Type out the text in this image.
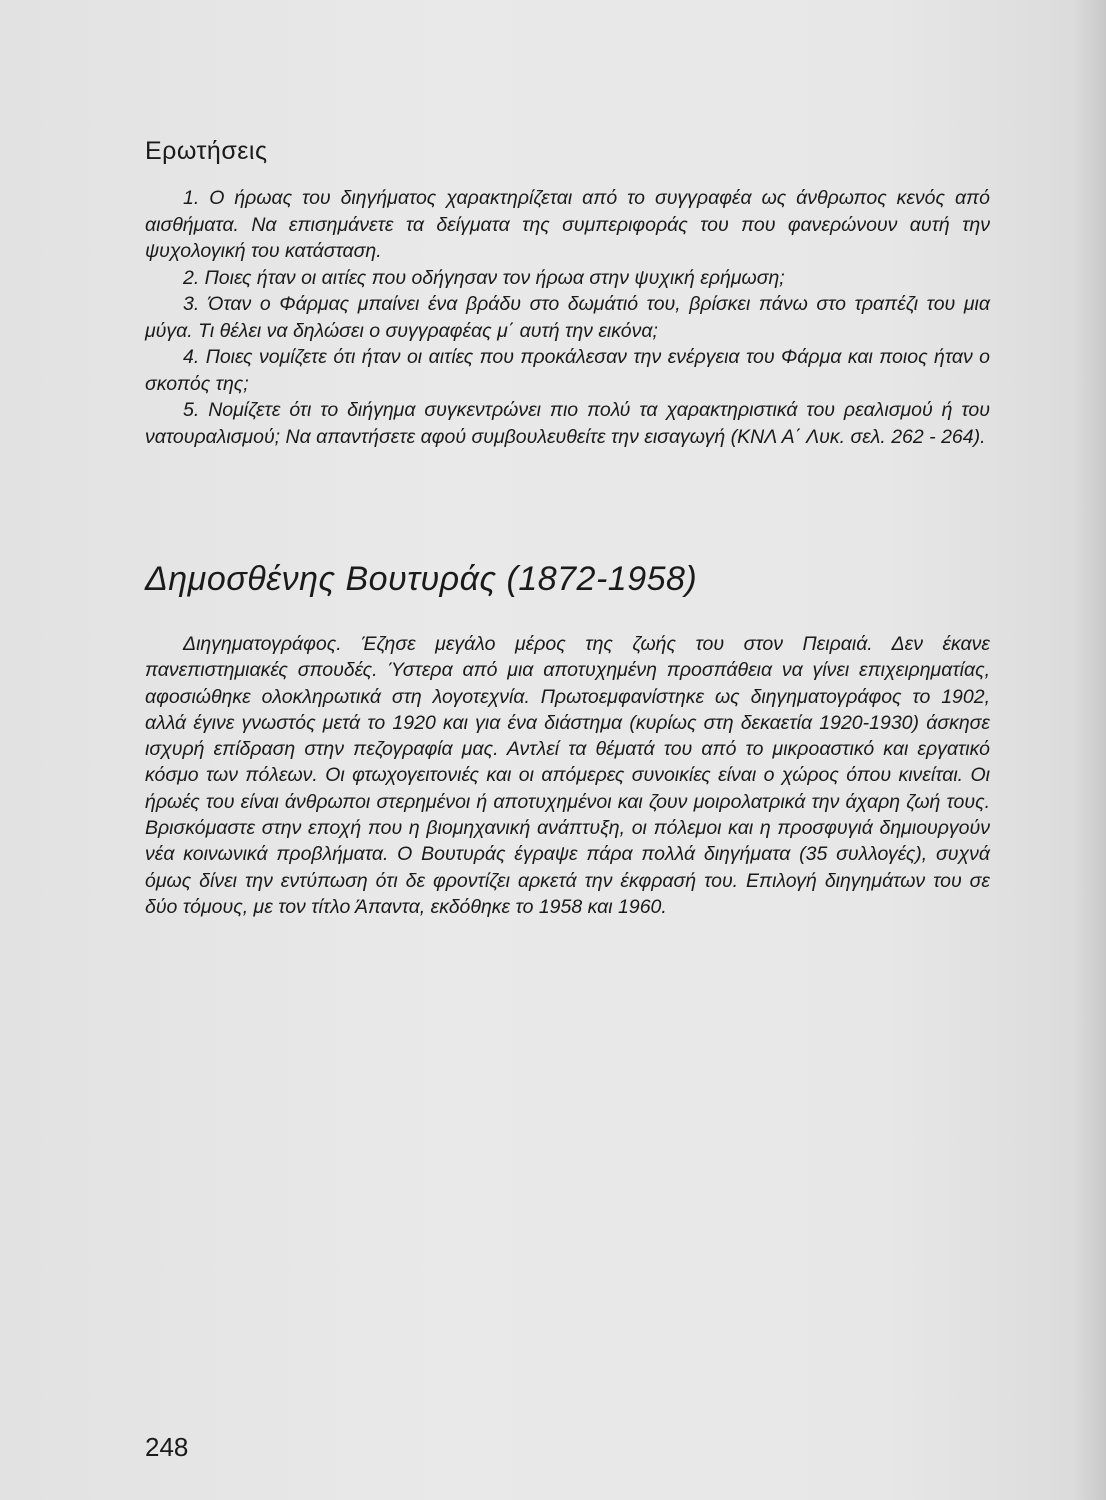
Ερωτήσεις

1. Ο ήρωας του διηγήματος χαρακτηρίζεται από το συγγραφέα ως άνθρωπος κενός από αισθήματα. Να επισημάνετε τα δείγματα της συμπεριφοράς του που φανερώνουν αυτή την ψυχολογική του κατάσταση.

2. Ποιες ήταν οι αιτίες που οδήγησαν τον ήρωα στην ψυχική ερήμωση;

3. Όταν ο Φάρμας μπαίνει ένα βράδυ στο δωμάτιό του, βρίσκει πάνω στο τραπέζι του μια μύγα. Τι θέλει να δηλώσει ο συγγραφέας μ΄ αυτή την εικόνα;

4. Ποιες νομίζετε ότι ήταν οι αιτίες που προκάλεσαν την ενέργεια του Φάρμα και ποιος ήταν ο σκοπός της;

5. Νομίζετε ότι το διήγημα συγκεντρώνει πιο πολύ τα χαρακτηριστικά του ρεαλισμού ή του νατουραλισμού; Να απαντήσετε αφού συμβουλευθείτε την εισαγωγή (ΚΝΛ Α΄ Λυκ. σελ. 262 - 264).

Δημοσθένης Βουτυράς (1872-1958)

Διηγηματογράφος. Έζησε μεγάλο μέρος της ζωής του στον Πειραιά. Δεν έκανε πανεπιστημιακές σπουδές. Ύστερα από μια αποτυχημένη προσπάθεια να γίνει επιχειρηματίας, αφοσιώθηκε ολοκληρωτικά στη λογοτεχνία. Πρωτοεμφανίστηκε ως διηγηματογράφος το 1902, αλλά έγινε γνωστός μετά το 1920 και για ένα διάστημα (κυρίως στη δεκαετία 1920-1930) άσκησε ισχυρή επίδραση στην πεζογραφία μας. Αντλεί τα θέματά του από το μικροαστικό και εργατικό κόσμο των πόλεων. Οι φτωχογειτονιές και οι απόμερες συνοικίες είναι ο χώρος όπου κινείται. Οι ήρωές του είναι άνθρωποι στερημένοι ή αποτυχημένοι και ζουν μοιρολατρικά την άχαρη ζωή τους. Βρισκόμαστε στην εποχή που η βιομηχανική ανάπτυξη, οι πόλεμοι και η προσφυγιά δημιουργούν νέα κοινωνικά προβλήματα. Ο Βουτυράς έγραψε πάρα πολλά διηγήματα (35 συλλογές), συχνά όμως δίνει την εντύπωση ότι δε φροντίζει αρκετά την έκφρασή του. Επιλογή διηγημάτων του σε δύο τόμους, με τον τίτλο Άπαντα, εκδόθηκε το 1958 και 1960.

248
